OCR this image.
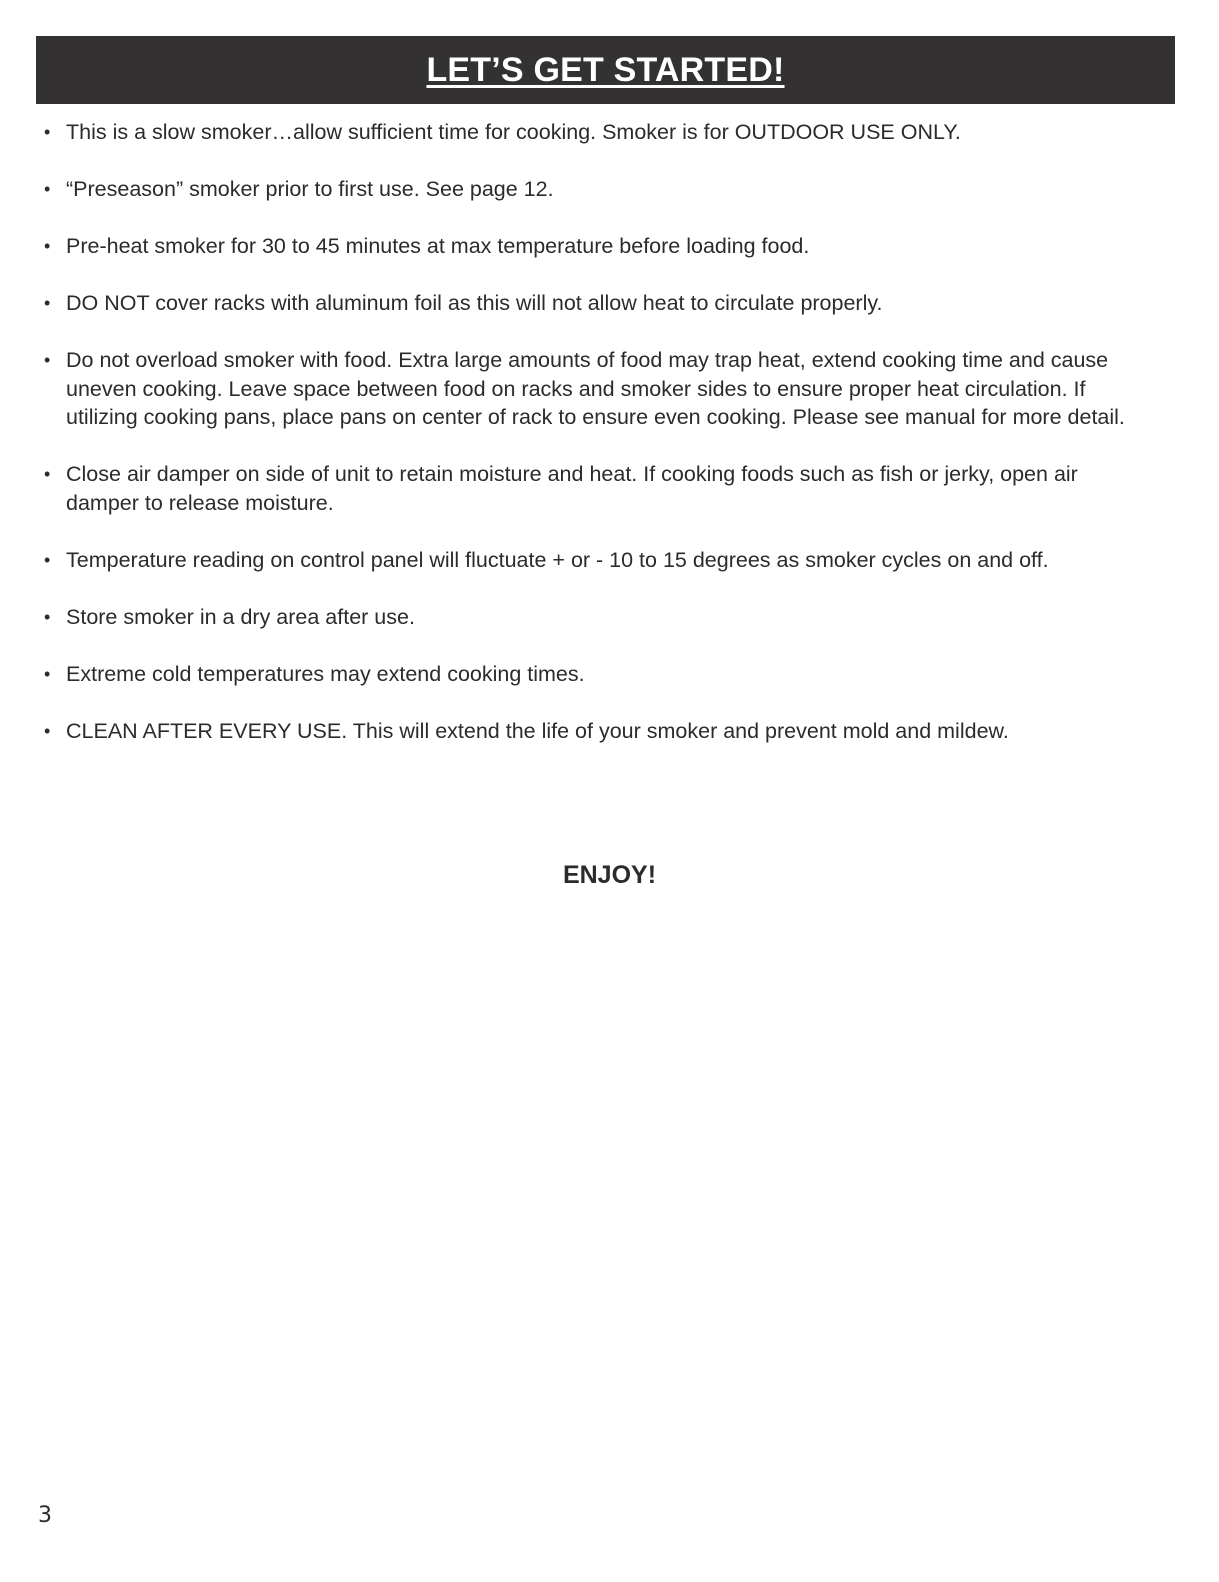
LET’S GET STARTED!
• This is a slow smoker…allow sufficient time for cooking. Smoker is for OUTDOOR USE ONLY.
• “Preseason” smoker prior to first use. See page 12.
• Pre-heat smoker for 30 to 45 minutes at max temperature before loading food.
• DO NOT cover racks with aluminum foil as this will not allow heat to circulate properly.
• Do not overload smoker with food. Extra large amounts of food may trap heat, extend cooking time and cause uneven cooking. Leave space between food on racks and smoker sides to ensure proper heat circulation. If utilizing cooking pans, place pans on center of rack to ensure even cooking. Please see manual for more detail.
• Close air damper on side of unit to retain moisture and heat. If cooking foods such as fish or jerky, open air damper to release moisture.
• Temperature reading on control panel will fluctuate + or - 10 to 15 degrees as smoker cycles on and off.
• Store smoker in a dry area after use.
• Extreme cold temperatures may extend cooking times.
• CLEAN AFTER EVERY USE. This will extend the life of your smoker and prevent mold and mildew.
ENJOY!
3
